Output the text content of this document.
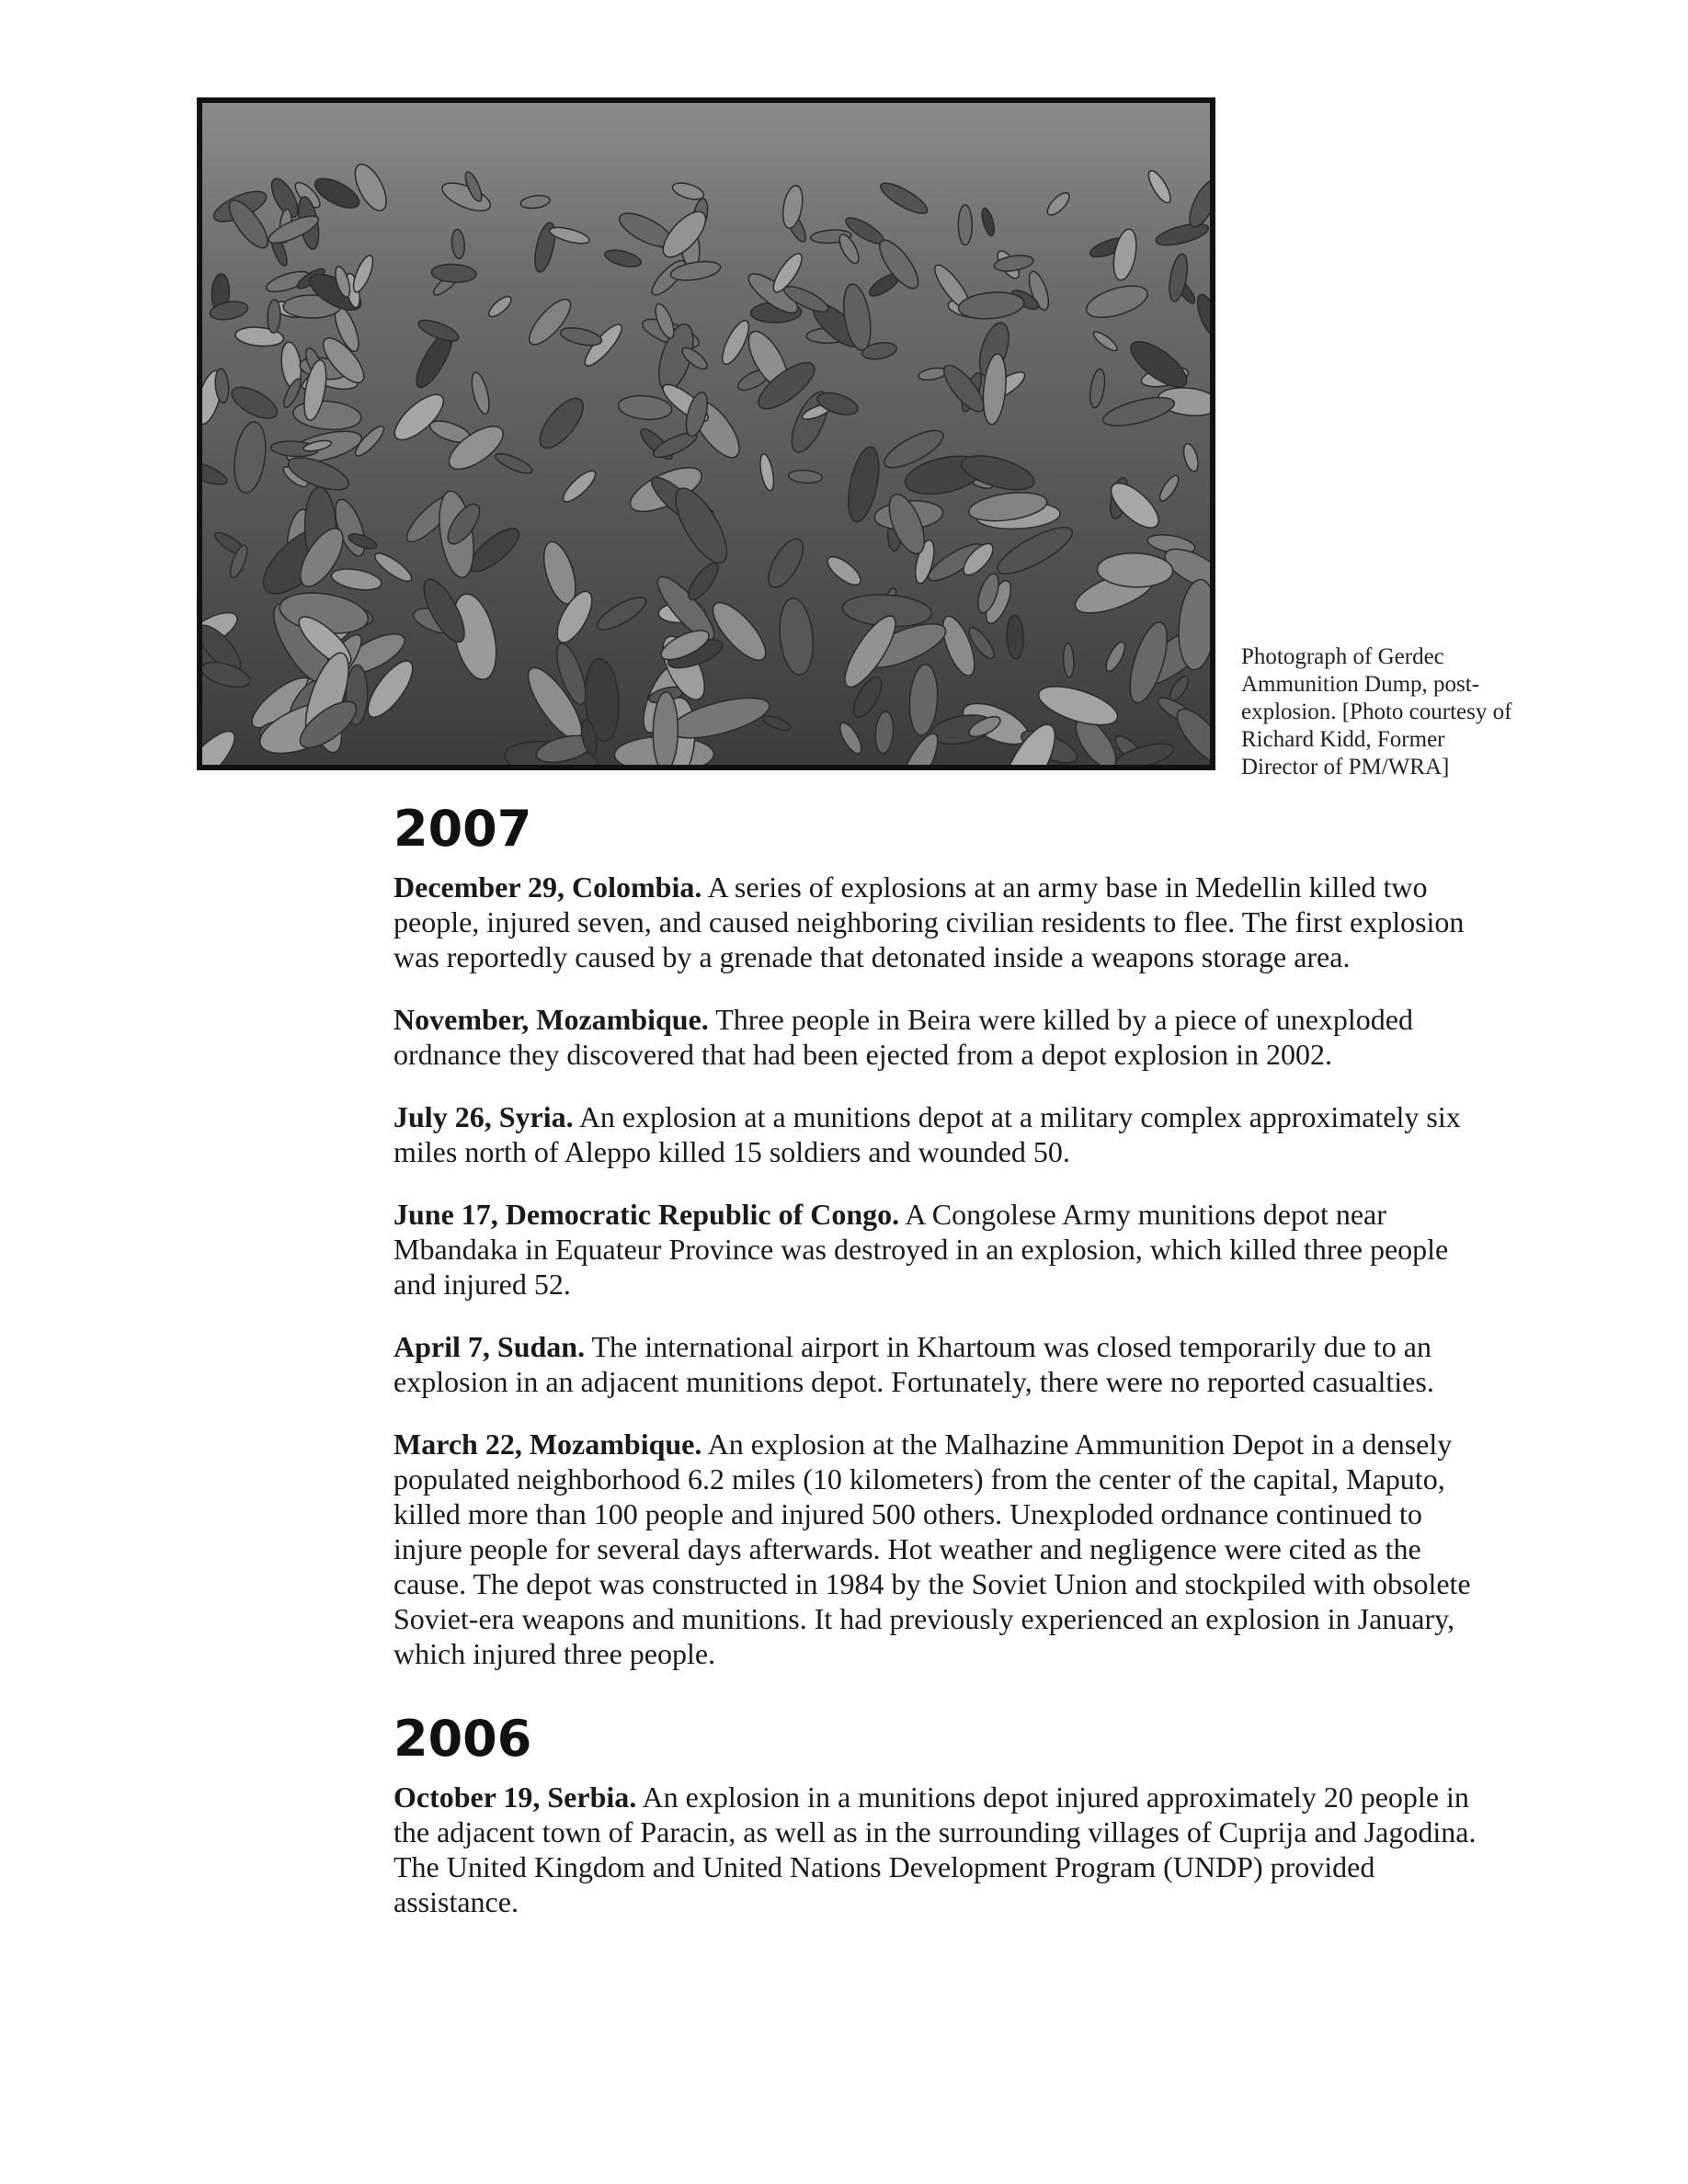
Photograph of Gerdec Ammunition Dump, post-explosion. [Photo courtesy of Richard Kidd, Former Director of PM/WRA]

2007

December 29, Colombia. A series of explosions at an army base in Medellin killed two people, injured seven, and caused neighboring civilian residents to flee. The first explosion was reportedly caused by a grenade that detonated inside a weapons storage area.

November, Mozambique. Three people in Beira were killed by a piece of unexploded ordnance they discovered that had been ejected from a depot explosion in 2002.

July 26, Syria. An explosion at a munitions depot at a military complex approximately six miles north of Aleppo killed 15 soldiers and wounded 50.

June 17, Democratic Republic of Congo. A Congolese Army munitions depot near Mbandaka in Equateur Province was destroyed in an explosion, which killed three people and injured 52.

April 7, Sudan. The international airport in Khartoum was closed temporarily due to an explosion in an adjacent munitions depot. Fortunately, there were no reported casualties.

March 22, Mozambique. An explosion at the Malhazine Ammunition Depot in a densely populated neighborhood 6.2 miles (10 kilometers) from the center of the capital, Maputo, killed more than 100 people and injured 500 others. Unexploded ordnance continued to injure people for several days afterwards. Hot weather and negligence were cited as the cause. The depot was constructed in 1984 by the Soviet Union and stockpiled with obsolete Soviet-era weapons and munitions. It had previously experienced an explosion in January, which injured three people.

2006

October 19, Serbia. An explosion in a munitions depot injured approximately 20 people in the adjacent town of Paracin, as well as in the surrounding villages of Cuprija and Jagodina. The United Kingdom and United Nations Development Program (UNDP) provided assistance.
